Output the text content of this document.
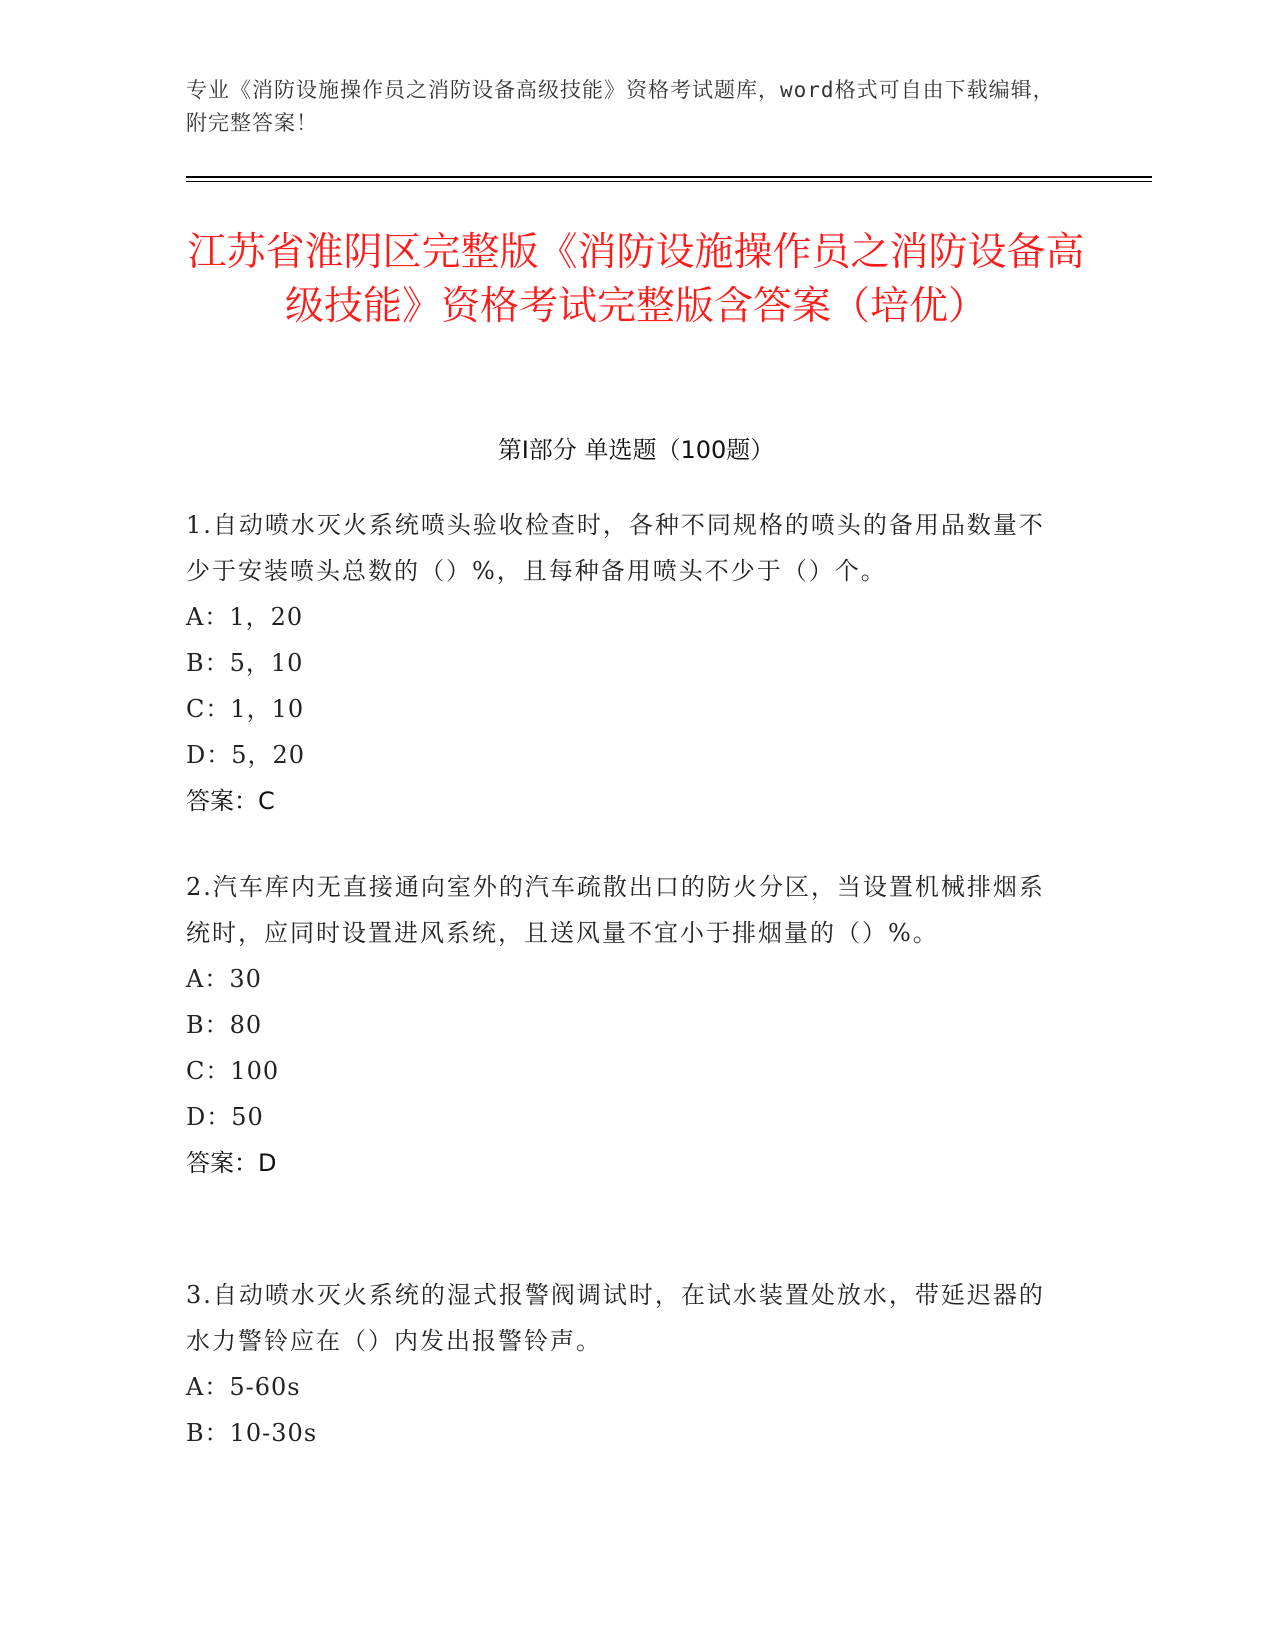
专业《消防设施操作员之消防设备高级技能》资格考试题库，word格式可自由下载编辑，附完整答案！
江苏省淮阴区完整版《消防设施操作员之消防设备高级技能》资格考试完整版含答案（培优）
第I部分 单选题（100题）

1.自动喷水灭火系统喷头验收检查时，各种不同规格的喷头的备用品数量不少于安装喷头总数的（）%，且每种备用喷头不少于（）个。

A：1，20

B：5，10

C：1，10

D：5，20

答案：C

2.汽车库内无直接通向室外的汽车疏散出口的防火分区，当设置机械排烟系统时，应同时设置进风系统，且送风量不宜小于排烟量的（）%。

A：30

B：80

C：100

D：50

答案：D

3.自动喷水灭火系统的湿式报警阀调试时，在试水装置处放水，带延迟器的水力警铃应在（）内发出报警铃声。

A：5-60s

B：10-30s
